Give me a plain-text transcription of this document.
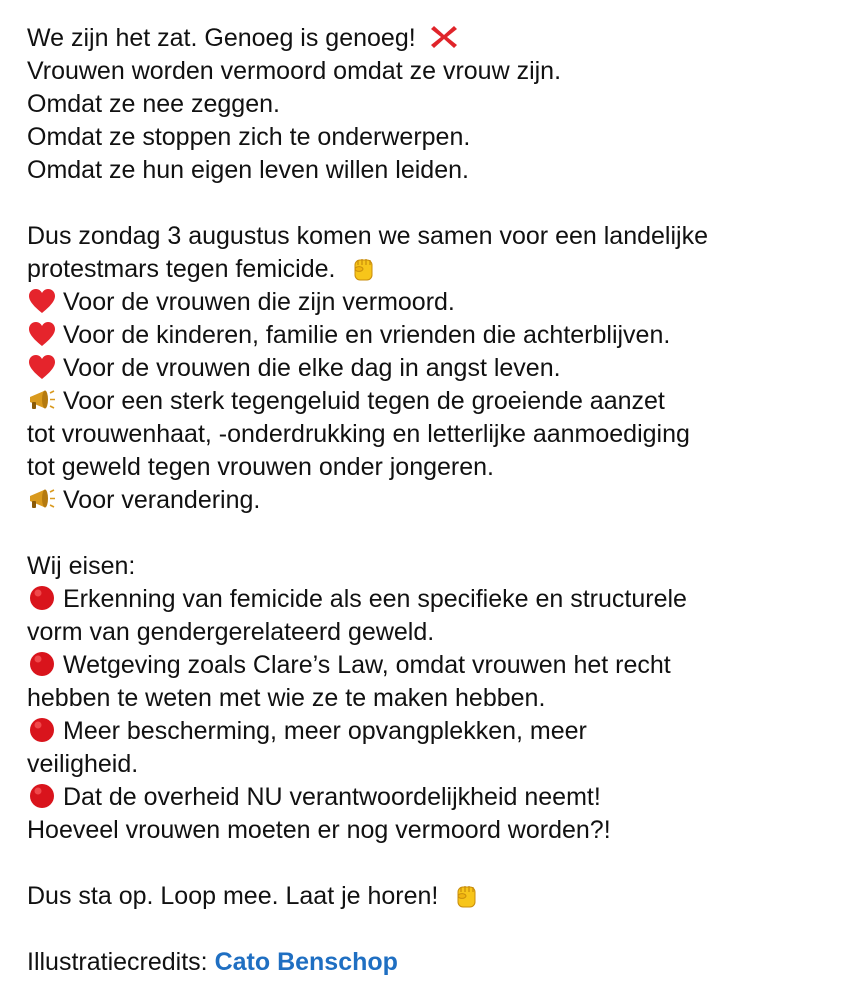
We zijn het zat. Genoeg is genoeg!
Vrouwen worden vermoord omdat ze vrouw zijn.
Omdat ze nee zeggen.
Omdat ze stoppen zich te onderwerpen.
Omdat ze hun eigen leven willen leiden.
Dus zondag 3 augustus komen we samen voor een landelijke
protestmars tegen femicide.
Voor de vrouwen die zijn vermoord.
Voor de kinderen, familie en vrienden die achterblijven.
Voor de vrouwen die elke dag in angst leven.
Voor een sterk tegengeluid tegen de groeiende aanzet
tot vrouwenhaat, -onderdrukking en letterlijke aanmoediging
tot geweld tegen vrouwen onder jongeren.
Voor verandering.
Wij eisen:
Erkenning van femicide als een specifieke en structurele
vorm van gendergerelateerd geweld.
Wetgeving zoals Clare’s Law, omdat vrouwen het recht
hebben te weten met wie ze te maken hebben.
Meer bescherming, meer opvangplekken, meer
veiligheid.
Dat de overheid NU verantwoordelijkheid neemt!
Hoeveel vrouwen moeten er nog vermoord worden?!
Dus sta op. Loop mee. Laat je horen!
Illustratiecredits: Cato Benschop
